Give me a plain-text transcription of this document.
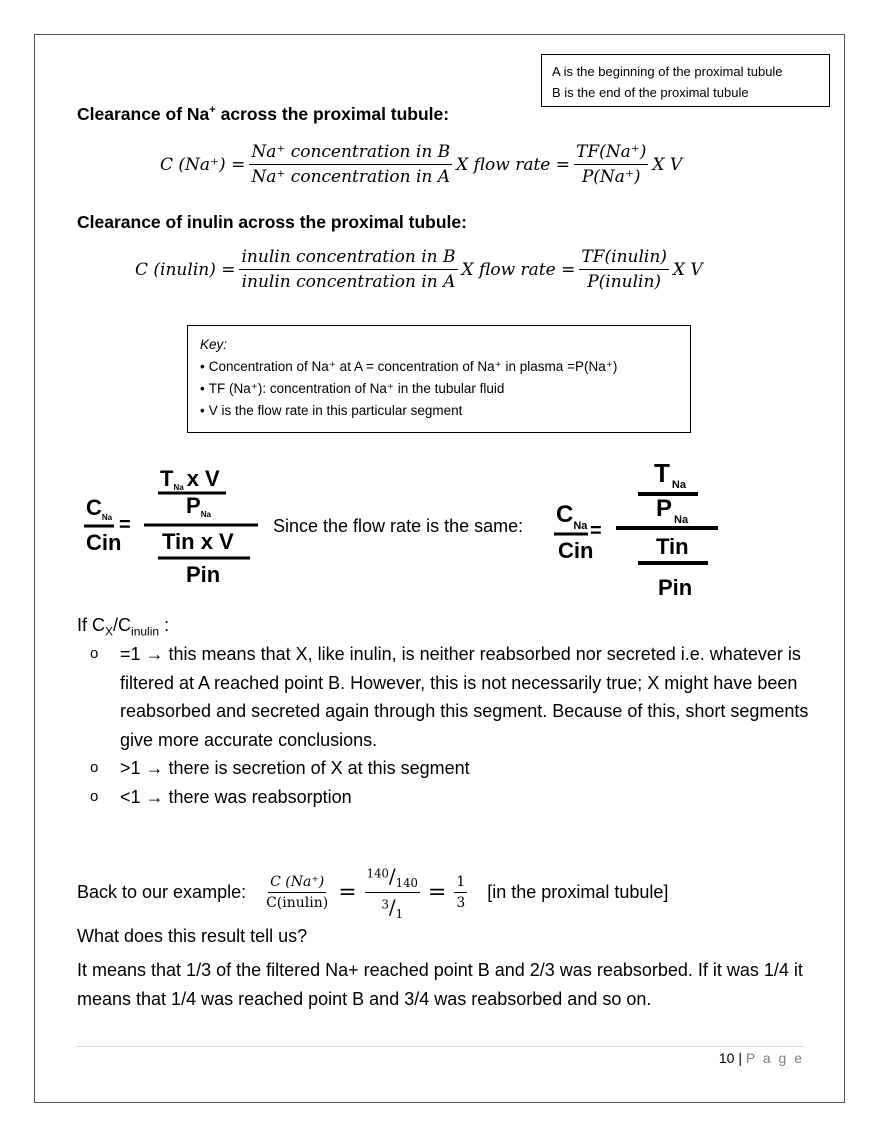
A is the beginning of the proximal tubule
B is the end of the proximal tubule
Clearance of Na+ across the proximal tubule:
C $(Na^+) = \frac{\text{Na⁺ concentration in B}}{\text{Na⁺ concentration in A}}$ X flow rate = $\frac{TF(Na^+)}{P(Na^+)}$ X V
Clearance of inulin across the proximal tubule:
C (inulin) = $\frac{\text{inulin concentration in B}}{\text{inulin concentration in A}}$ X flow rate = $\frac{\text{TF(inulin)}}{\text{P(inulin)}}$ X V
Key:
• Concentration of Na⁺ at A = concentration of Na⁺ in plasma =P(Na⁺)
• TF (Na⁺): concentration of Na⁺ in the tubular fluid
• V is the flow rate in this particular segment
$C_{Na}$
Cin
=
TNa x V
PNa
Tin x V
Pin
Since the flow rate is the same: $C_{Na}$
Cin
=
T $_{Na}$
P $_{Na}$
Tin
Pin
If $C_X/C_{inulin}$ :
o	=1 → this means that X, like inulin, is neither reabsorbed nor secreted i.e. whatever is filtered at A reached point B. However, this is not necessarily true; X might have been reabsorbed and secreted again through this segment. Because of this, short segments give more accurate conclusions.
o	>1 → there is secretion of X at this segment
o	<1 → there was reabsorption
Back to our example: $\frac{C (Na^+)}{\text{C(inulin)}} = \frac{^{140}/_{140}}{^3/_1} = \frac{1}{3} [in$ the proximal tubule]
What does this result tell us?
It means that 1/3 of the filtered Na+ reached point B and 2/3 was reabsorbed. If it was 1/4 it means that 1/4 was reached point B and 3/4 was reabsorbed and so on.
10 | P a g e
